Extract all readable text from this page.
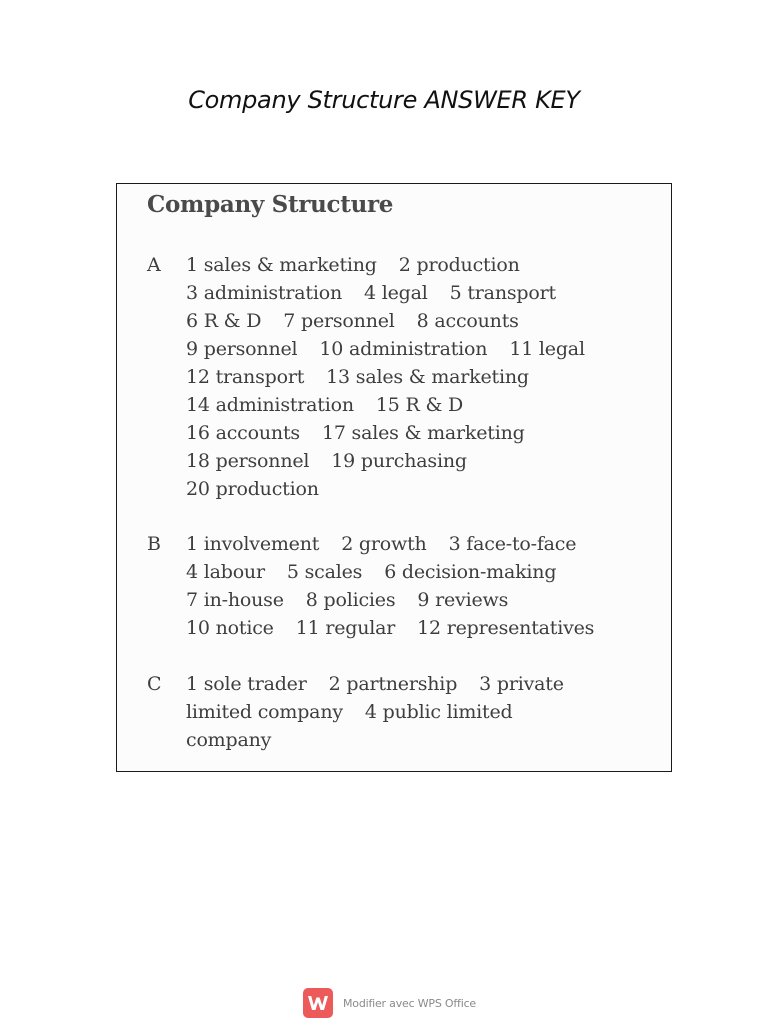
Company Structure ANSWER KEY
Company Structure
A 1 sales & marketing 2 production
3 administration 4 legal 5 transport
6 R & D 7 personnel 8 accounts
9 personnel 10 administration 11 legal
12 transport 13 sales & marketing
14 administration 15 R & D
16 accounts 17 sales & marketing
18 personnel 19 purchasing
20 production
B 1 involvement 2 growth 3 face-to-face
4 labour 5 scales 6 decision-making
7 in-house 8 policies 9 reviews
10 notice 11 regular 12 representatives
C 1 sole trader 2 partnership 3 private
limited company 4 public limited
company
Modifier avec WPS Office
